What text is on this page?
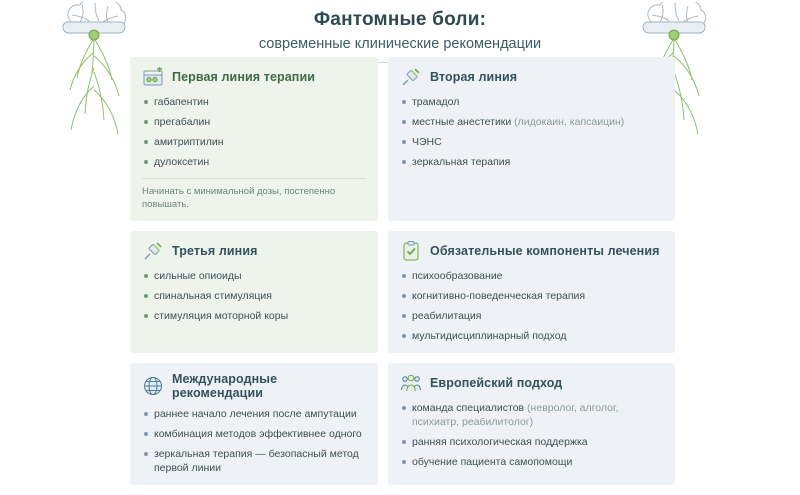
Фантомные боли:
современные клинические рекомендации
Первая линия терапии
габапентин
прегабалин
амитриптилин
дулоксетин
Начинать с минимальной дозы, постепенно повышать.
Вторая линия
трамадол
местные анестетики (лидокаин, капсаицин)
ЧЭНС
зеркальная терапия
Третья линия
сильные опиоиды
спинальная стимуляция
стимуляция моторной коры
Обязательные компоненты лечения
психообразование
когнитивно-поведенческая терапия
реабилитация
мультидисциплинарный подход
Международные рекомендации
раннее начало лечения после ампутации
комбинация методов эффективнее одного
зеркальная терапия — безопасный метод первой линии
Европейский подход
команда специалистов (невролог, алголог, психиатр, реабилитолог)
ранняя психологическая поддержка
обучение пациента самопомощи
